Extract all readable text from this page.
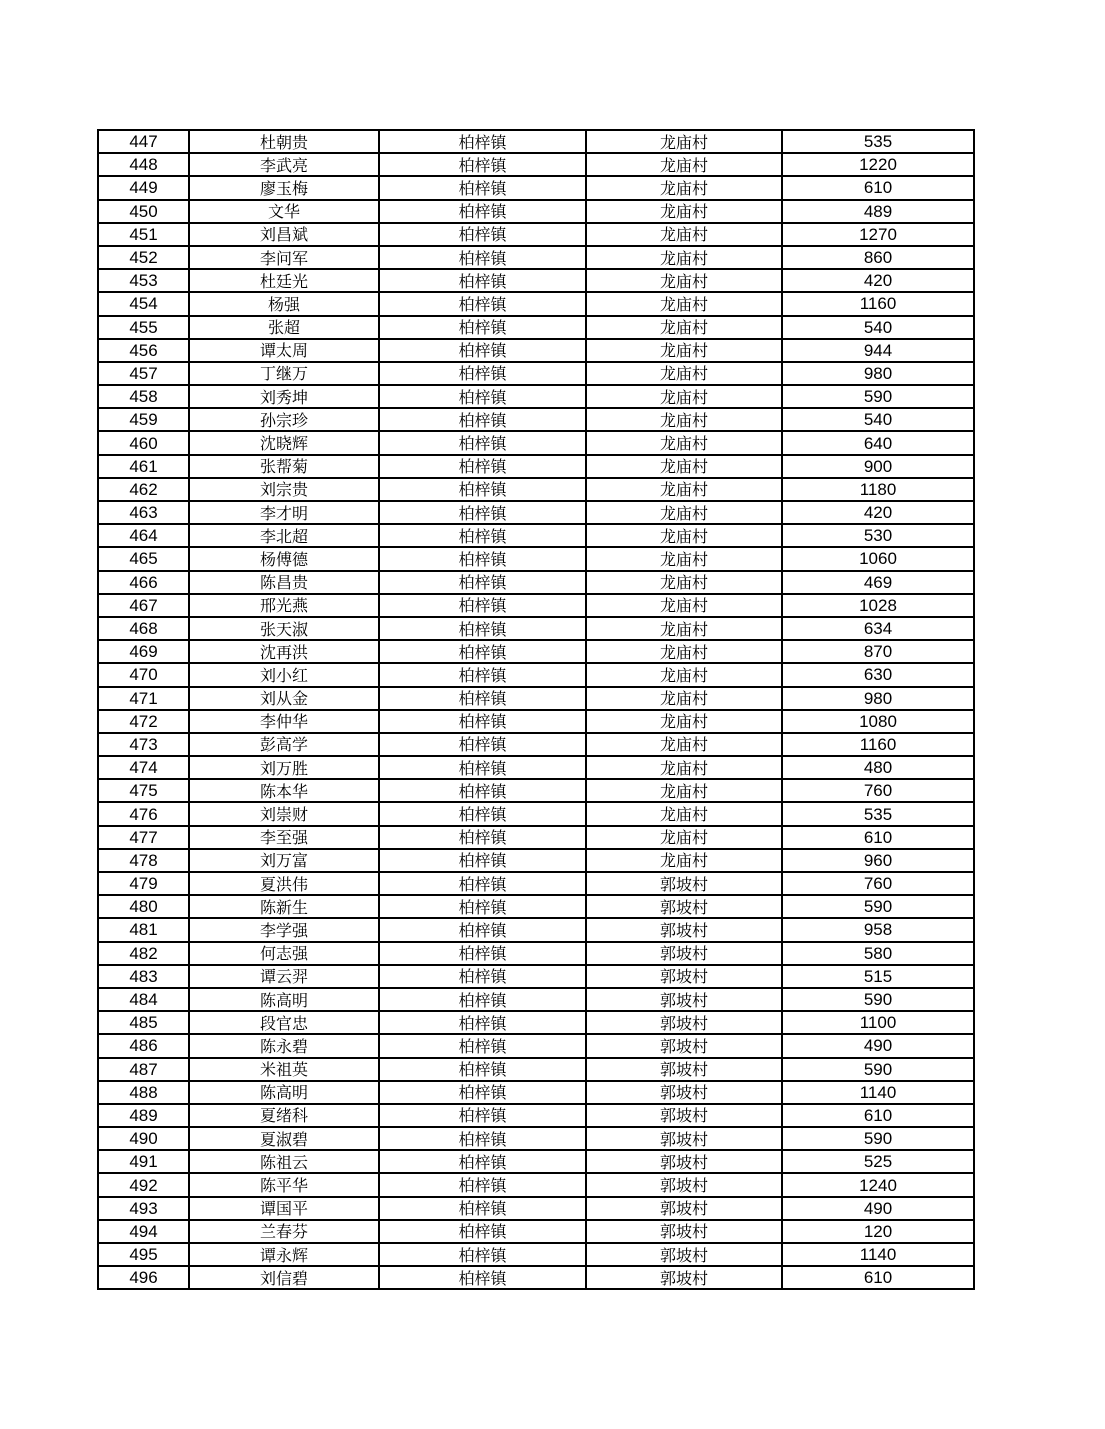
447	杜朝贵	柏梓镇	龙庙村	535
448	李武亮	柏梓镇	龙庙村	1220
449	廖玉梅	柏梓镇	龙庙村	610
450	文华	柏梓镇	龙庙村	489
451	刘昌斌	柏梓镇	龙庙村	1270
452	李问军	柏梓镇	龙庙村	860
453	杜廷光	柏梓镇	龙庙村	420
454	杨强	柏梓镇	龙庙村	1160
455	张超	柏梓镇	龙庙村	540
456	谭太周	柏梓镇	龙庙村	944
457	丁继万	柏梓镇	龙庙村	980
458	刘秀坤	柏梓镇	龙庙村	590
459	孙宗珍	柏梓镇	龙庙村	540
460	沈晓辉	柏梓镇	龙庙村	640
461	张帮菊	柏梓镇	龙庙村	900
462	刘宗贵	柏梓镇	龙庙村	1180
463	李才明	柏梓镇	龙庙村	420
464	李北超	柏梓镇	龙庙村	530
465	杨傅德	柏梓镇	龙庙村	1060
466	陈昌贵	柏梓镇	龙庙村	469
467	邢光燕	柏梓镇	龙庙村	1028
468	张天淑	柏梓镇	龙庙村	634
469	沈再洪	柏梓镇	龙庙村	870
470	刘小红	柏梓镇	龙庙村	630
471	刘从金	柏梓镇	龙庙村	980
472	李仲华	柏梓镇	龙庙村	1080
473	彭高学	柏梓镇	龙庙村	1160
474	刘万胜	柏梓镇	龙庙村	480
475	陈本华	柏梓镇	龙庙村	760
476	刘崇财	柏梓镇	龙庙村	535
477	李至强	柏梓镇	龙庙村	610
478	刘万富	柏梓镇	龙庙村	960
479	夏洪伟	柏梓镇	郭坡村	760
480	陈新生	柏梓镇	郭坡村	590
481	李学强	柏梓镇	郭坡村	958
482	何志强	柏梓镇	郭坡村	580
483	谭云羿	柏梓镇	郭坡村	515
484	陈高明	柏梓镇	郭坡村	590
485	段官忠	柏梓镇	郭坡村	1100
486	陈永碧	柏梓镇	郭坡村	490
487	米祖英	柏梓镇	郭坡村	590
488	陈高明	柏梓镇	郭坡村	1140
489	夏绪科	柏梓镇	郭坡村	610
490	夏淑碧	柏梓镇	郭坡村	590
491	陈祖云	柏梓镇	郭坡村	525
492	陈平华	柏梓镇	郭坡村	1240
493	谭国平	柏梓镇	郭坡村	490
494	兰春芬	柏梓镇	郭坡村	120
495	谭永辉	柏梓镇	郭坡村	1140
496	刘信碧	柏梓镇	郭坡村	610
